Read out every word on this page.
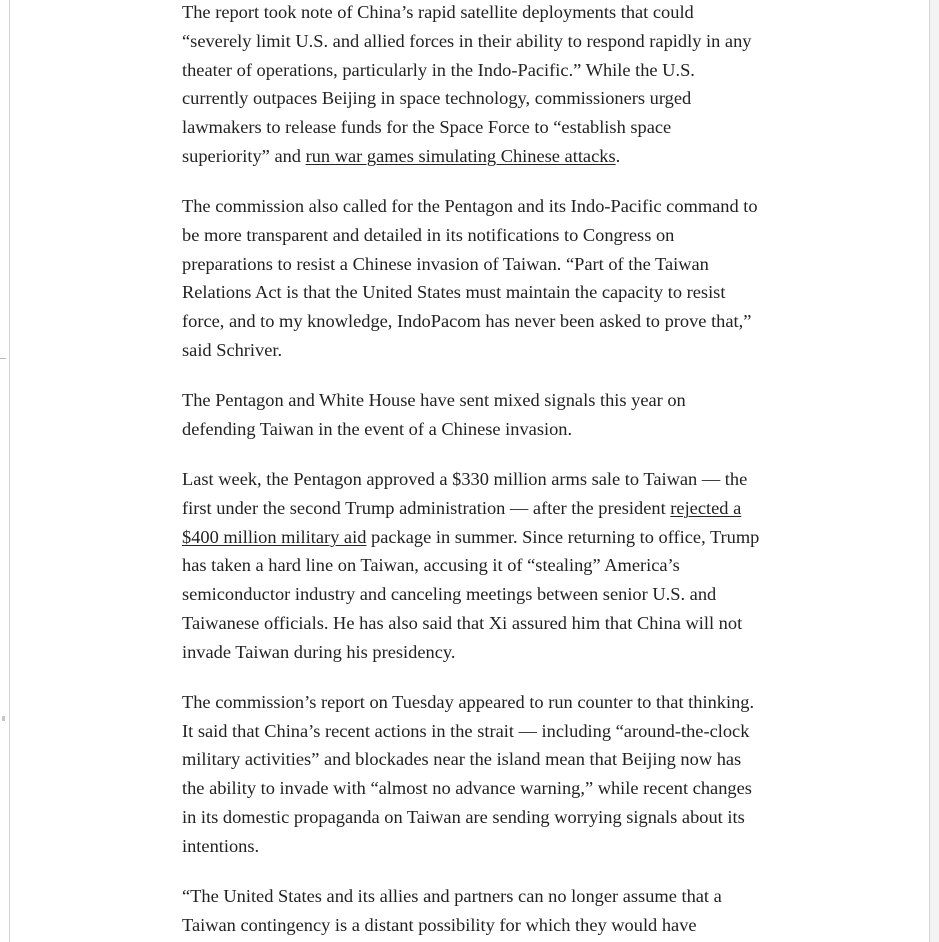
The report took note of China’s rapid satellite deployments that could “severely limit U.S. and allied forces in their ability to respond rapidly in any theater of operations, particularly in the Indo-Pacific.” While the U.S. currently outpaces Beijing in space technology, commissioners urged lawmakers to release funds for the Space Force to “establish space superiority” and run war games simulating Chinese attacks.

The commission also called for the Pentagon and its Indo-Pacific command to be more transparent and detailed in its notifications to Congress on preparations to resist a Chinese invasion of Taiwan. “Part of the Taiwan Relations Act is that the United States must maintain the capacity to resist force, and to my knowledge, IndoPacom has never been asked to prove that,” said Schriver.

The Pentagon and White House have sent mixed signals this year on defending Taiwan in the event of a Chinese invasion.

Last week, the Pentagon approved a $330 million arms sale to Taiwan — the first under the second Trump administration — after the president rejected a $400 million military aid package in summer. Since returning to office, Trump has taken a hard line on Taiwan, accusing it of “stealing” America’s semiconductor industry and canceling meetings between senior U.S. and Taiwanese officials. He has also said that Xi assured him that China will not invade Taiwan during his presidency.

The commission’s report on Tuesday appeared to run counter to that thinking. It said that China’s recent actions in the strait — including “around-the-clock military activities” and blockades near the island mean that Beijing now has the ability to invade with “almost no advance warning,” while recent changes in its domestic propaganda on Taiwan are sending worrying signals about its intentions.

“The United States and its allies and partners can no longer assume that a Taiwan contingency is a distant possibility for which they would have
